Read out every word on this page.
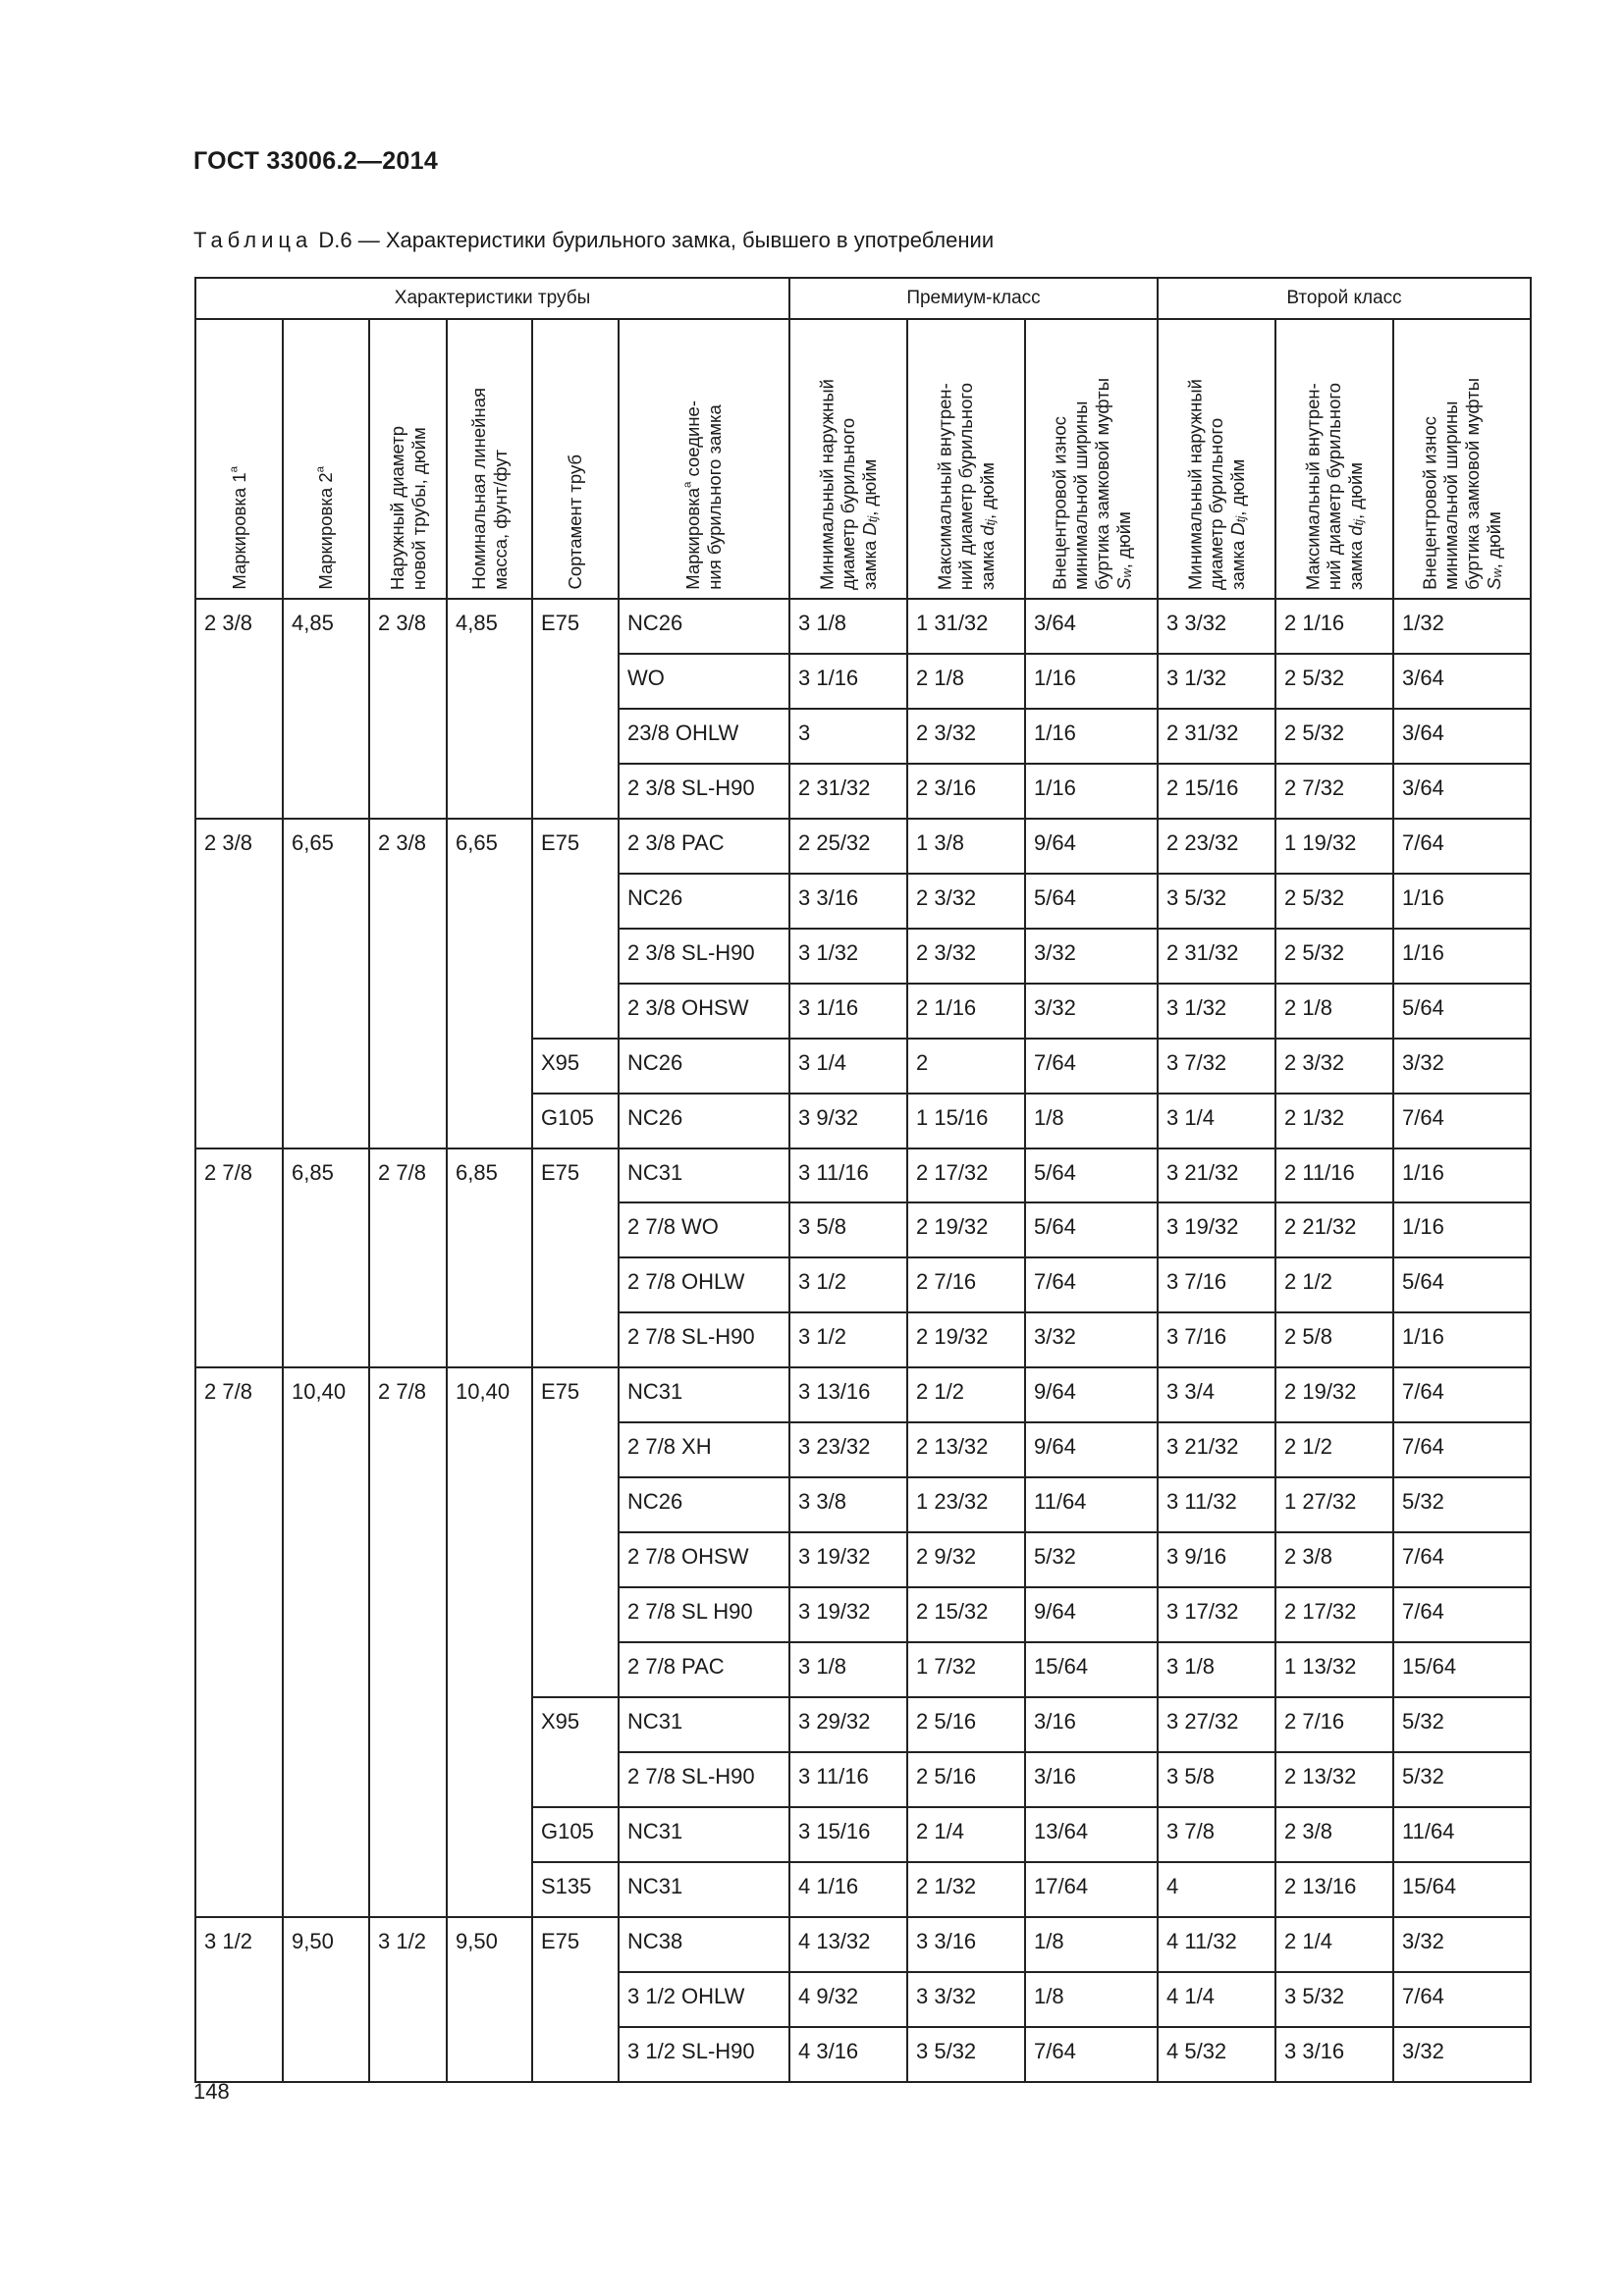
ГОСТ 33006.2—2014
Таблица D.6 — Характеристики бурильного замка, бывшего в употреблении
Характеристики трубы						Премиум-класс			Второй класс		

Маркировка $1^а$	Маркировка $2^а$	Наружный диаметр
новой трубы, дюйм	Номинальная линейная
масса, фунт/фут	Сортамент труб	Маркировка$^а$ соедине-
ния бурильного замка	Минимальный наружный
диаметр бурильного
замка $D_{tj}$, дюйм	Максимальный внутрен-
ний диаметр бурильного
замка $d_{tj}$, дюйм	Внецентровой износ
минимальной ширины
буртика замковой муфты
$S_w$, дюйм	Минимальный наружный
диаметр бурильного
замка $D_{tj}$, дюйм	Максимальный внутрен-
ний диаметр бурильного
замка $d_{tj}$, дюйм	Внецентровой износ
минимальной ширины
буртика замковой муфты
$S_w$, дюйм

2 3/8	4,85	2 3/8	4,85	E75	NC26	3 1/8	1 31/32	3/64	3 3/32	2 1/16	1/32
					WO	3 1/16	2 1/8	1/16	3 1/32	2 5/32	3/64
					23/8 OHLW	3	2 3/32	1/16	2 31/32	2 5/32	3/64
					2 3/8 SL-H90	2 31/32	2 3/16	1/16	2 15/16	2 7/32	3/64
2 3/8	6,65	2 3/8	6,65	E75	2 3/8 PAC	2 25/32	1 3/8	9/64	2 23/32	1 19/32	7/64
					NC26	3 3/16	2 3/32	5/64	3 5/32	2 5/32	1/16
					2 3/8 SL-H90	3 1/32	2 3/32	3/32	2 31/32	2 5/32	1/16
					2 3/8 OHSW	3 1/16	2 1/16	3/32	3 1/32	2 1/8	5/64
				X95	NC26	3 1/4	2	7/64	3 7/32	2 3/32	3/32
				G105	NC26	3 9/32	1 15/16	1/8	3 1/4	2 1/32	7/64
2 7/8	6,85	2 7/8	6,85	E75	NC31	3 11/16	2 17/32	5/64	3 21/32	2 11/16	1/16
					2 7/8 WO	3 5/8	2 19/32	5/64	3 19/32	2 21/32	1/16
					2 7/8 OHLW	3 1/2	2 7/16	7/64	3 7/16	2 1/2	5/64
					2 7/8 SL-H90	3 1/2	2 19/32	3/32	3 7/16	2 5/8	1/16
2 7/8	10,40	2 7/8	10,40	E75	NC31	3 13/16	2 1/2	9/64	3 3/4	2 19/32	7/64
					2 7/8 XH	3 23/32	2 13/32	9/64	3 21/32	2 1/2	7/64
					NC26	3 3/8	1 23/32	11/64	3 11/32	1 27/32	5/32
					2 7/8 OHSW	3 19/32	2 9/32	5/32	3 9/16	2 3/8	7/64
					2 7/8 SL H90	3 19/32	2 15/32	9/64	3 17/32	2 17/32	7/64
					2 7/8 PAC	3 1/8	1 7/32	15/64	3 1/8	1 13/32	15/64
				X95	NC31	3 29/32	2 5/16	3/16	3 27/32	2 7/16	5/32
					2 7/8 SL-H90	3 11/16	2 5/16	3/16	3 5/8	2 13/32	5/32
				G105	NC31	3 15/16	2 1/4	13/64	3 7/8	2 3/8	11/64
				S135	NC31	4 1/16	2 1/32	17/64	4	2 13/16	15/64
3 1/2	9,50	3 1/2	9,50	E75	NC38	4 13/32	3 3/16	1/8	4 11/32	2 1/4	3/32
					3 1/2 OHLW	4 9/32	3 3/32	1/8	4 1/4	3 5/32	7/64
					3 1/2 SL-H90	4 3/16	3 5/32	7/64	4 5/32	3 3/16	3/32
148
